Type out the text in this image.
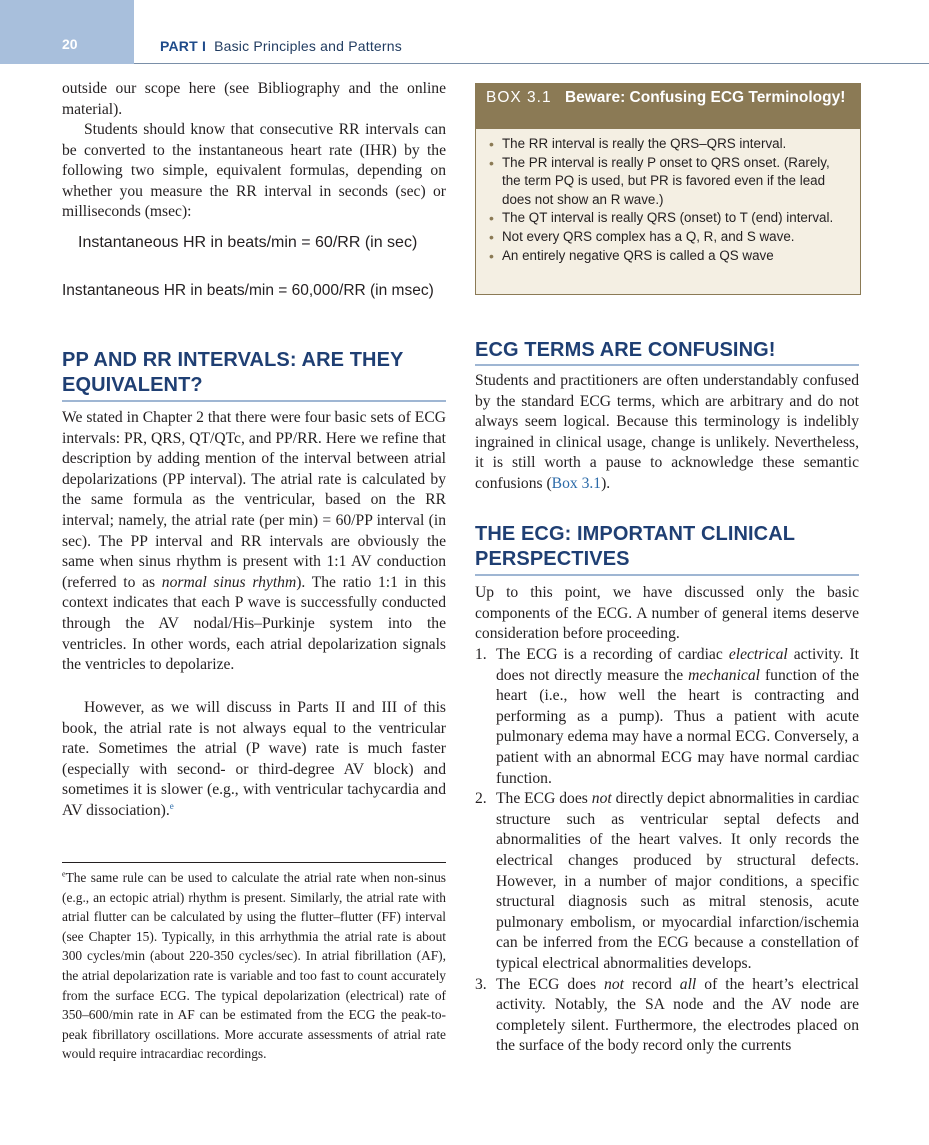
20	PART I Basic Principles and Patterns

outside our scope here (see Bibliography and the online material).

Students should know that consecutive RR intervals can be converted to the instantaneous heart rate (IHR) by the following two simple, equivalent formulas, depending on whether you measure the RR interval in seconds (sec) or milliseconds (msec):

Instantaneous HR in beats/min = 60/RR (in sec)
Instantaneous HR in beats/min = 60,000/RR (in msec)
PP AND RR INTERVALS: ARE THEY EQUIVALENT?

We stated in Chapter 2 that there were four basic sets of ECG intervals: PR, QRS, QT/QTc, and PP/RR. Here we refine that description by adding mention of the interval between atrial depolarizations (PP interval). The atrial rate is calculated by the same formula as the ventricular, based on the RR interval; namely, the atrial rate (per min) = 60/PP interval (in sec). The PP interval and RR intervals are obviously the same when sinus rhythm is present with 1:1 AV conduction (referred to as normal sinus rhythm). The ratio 1:1 in this context indicates that each P wave is successfully conducted through the AV nodal/His–Purkinje system into the ventricles. In other words, each atrial depolarization signals the ventricles to depolarize.

However, as we will discuss in Parts II and III of this book, the atrial rate is not always equal to the ventricular rate. Sometimes the atrial (P wave) rate is much faster (especially with second- or third-degree AV block) and sometimes it is slower (e.g., with ventricular tachycardia and AV dissociation).$^e$

$^e$The same rule can be used to calculate the atrial rate when non-sinus (e.g., an ectopic atrial) rhythm is present. Similarly, the atrial rate with atrial flutter can be calculated by using the flutter–flutter (FF) interval (see Chapter 15). Typically, in this arrhythmia the atrial rate is about 300 cycles/min (about 220-350 cycles/sec). In atrial fibrillation (AF), the atrial depolarization rate is variable and too fast to count accurately from the surface ECG. The typical depolarization (electrical) rate of 350–600/min rate in AF can be estimated from the ECG the peak-to-peak fibrillatory oscillations. More accurate assessments of atrial rate would require intracardiac recordings.
BOX 3.1 Beware: Confusing ECG Terminology!
• The RR interval is really the QRS–QRS interval.
• The PR interval is really P onset to QRS onset. (Rarely, the term PQ is used, but PR is favored even if the lead does not show an R wave.)
• The QT interval is really QRS (onset) to T (end) interval.
• Not every QRS complex has a Q, R, and S wave.
• An entirely negative QRS is called a QS wave
ECG TERMS ARE CONFUSING!

Students and practitioners are often understandably confused by the standard ECG terms, which are arbitrary and do not always seem logical. Because this terminology is indelibly ingrained in clinical usage, change is unlikely. Nevertheless, it is still worth a pause to acknowledge these semantic confusions (Box 3.1).

THE ECG: IMPORTANT CLINICAL PERSPECTIVES

Up to this point, we have discussed only the basic components of the ECG. A number of general items deserve consideration before proceeding.

1. The ECG is a recording of cardiac electrical activity. It does not directly measure the mechanical function of the heart (i.e., how well the heart is contracting and performing as a pump). Thus a patient with acute pulmonary edema may have a normal ECG. Conversely, a patient with an abnormal ECG may have normal cardiac function.
2. The ECG does not directly depict abnormalities in cardiac structure such as ventricular septal defects and abnormalities of the heart valves. It only records the electrical changes produced by structural defects. However, in a number of major conditions, a specific structural diagnosis such as mitral stenosis, acute pulmonary embolism, or myocardial infarction/ischemia can be inferred from the ECG because a constellation of typical electrical abnormalities develops.
3. The ECG does not record all of the heart’s electrical activity. Notably, the SA node and the AV node are completely silent. Furthermore, the electrodes placed on the surface of the body record only the currents
